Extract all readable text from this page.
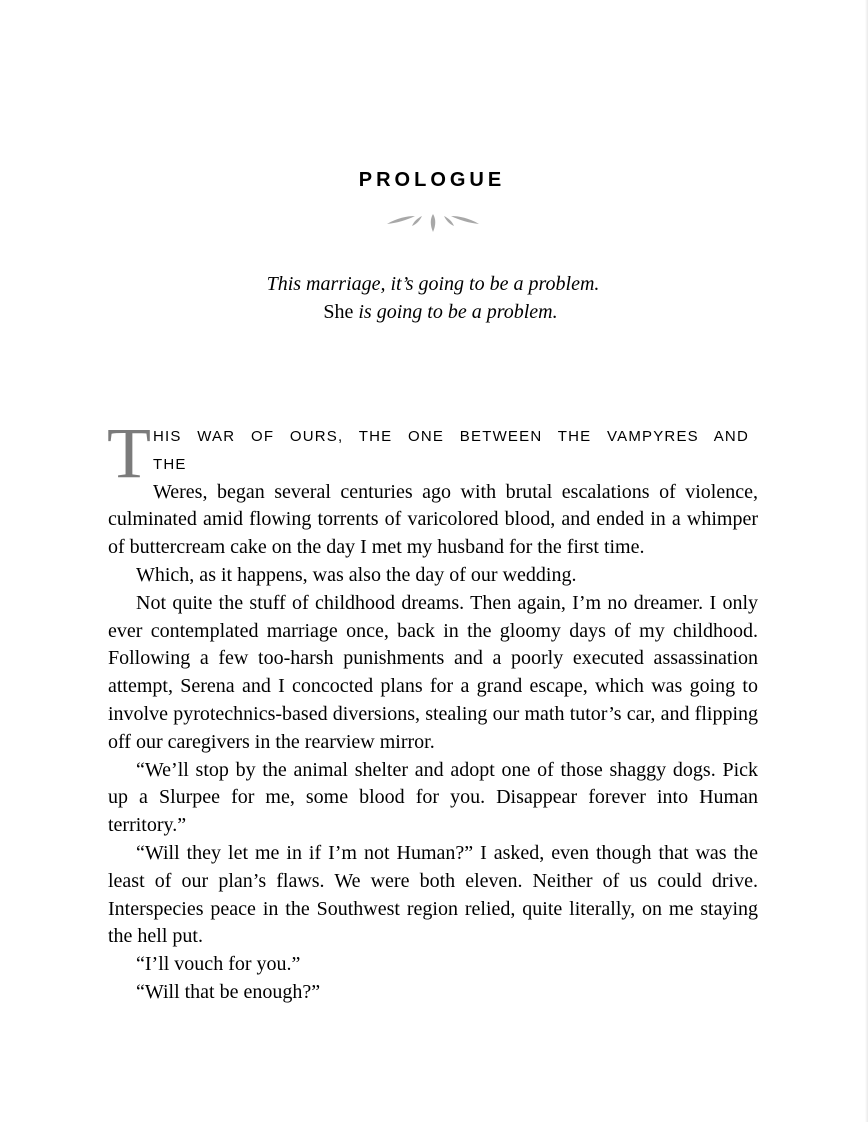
PROLOGUE

This marriage, it’s going to be a problem.

She is going to be a problem.

T HIS WAR OF OURS, THE ONE BETWEEN THE VAMPYRES AND THE Weres, began several centuries ago with brutal escalations of violence, culminated amid flowing torrents of varicolored blood, and ended in a whimper of buttercream cake on the day I met my husband for the first time.

Which, as it happens, was also the day of our wedding.

Not quite the stuff of childhood dreams. Then again, I’m no dreamer. I only ever contemplated marriage once, back in the gloomy days of my childhood. Following a few too-harsh punishments and a poorly executed assassination attempt, Serena and I concocted plans for a grand escape, which was going to involve pyrotechnics-based diversions, stealing our math tutor’s car, and flipping off our caregivers in the rearview mirror.

“We’ll stop by the animal shelter and adopt one of those shaggy dogs. Pick up a Slurpee for me, some blood for you. Disappear forever into Human territory.”

“Will they let me in if I’m not Human?” I asked, even though that was the least of our plan’s flaws. We were both eleven. Neither of us could drive. Interspecies peace in the Southwest region relied, quite literally, on me staying the hell put.

“I’ll vouch for you.”

“Will that be enough?”
